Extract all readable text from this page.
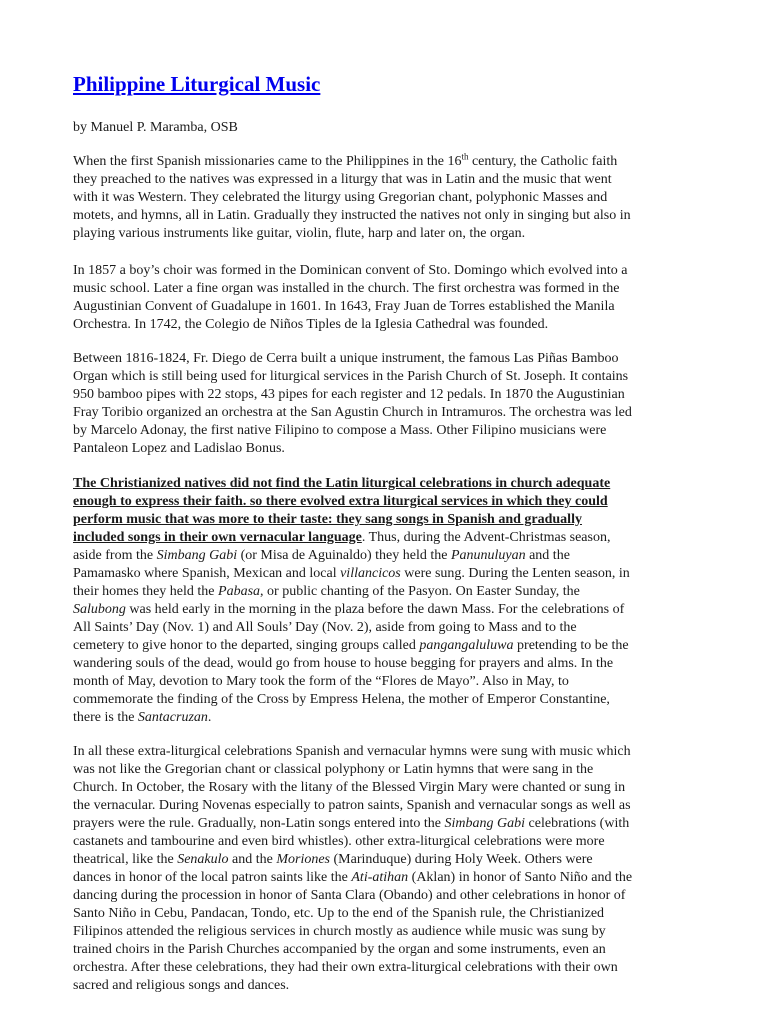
Philippine Liturgical Music

by Manuel P. Maramba, OSB

When the first Spanish missionaries came to the Philippines in the 16th century, the Catholic faith
they preached to the natives was expressed in a liturgy that was in Latin and the music that went
with it was Western. They celebrated the liturgy using Gregorian chant, polyphonic Masses and
motets, and hymns, all in Latin. Gradually they instructed the natives not only in singing but also in
playing various instruments like guitar, violin, flute, harp and later on, the organ.
In 1857 a boy’s choir was formed in the Dominican convent of Sto. Domingo which evolved into a
music school. Later a fine organ was installed in the church. The first orchestra was formed in the
Augustinian Convent of Guadalupe in 1601. In 1643, Fray Juan de Torres established the Manila
Orchestra. In 1742, the Colegio de Niños Tiples de la Iglesia Cathedral was founded.
Between 1816-1824, Fr. Diego de Cerra built a unique instrument, the famous Las Piñas Bamboo
Organ which is still being used for liturgical services in the Parish Church of St. Joseph. It contains
950 bamboo pipes with 22 stops, 43 pipes for each register and 12 pedals. In 1870 the Augustinian
Fray Toribio organized an orchestra at the San Agustin Church in Intramuros. The orchestra was led
by Marcelo Adonay, the first native Filipino to compose a Mass. Other Filipino musicians were
Pantaleon Lopez and Ladislao Bonus.
The Christianized natives did not find the Latin liturgical celebrations in church adequate
enough to express their faith. so there evolved extra liturgical services in which they could
perform music that was more to their taste: they sang songs in Spanish and gradually
included songs in their own vernacular language. Thus, during the Advent-Christmas season,
aside from the Simbang Gabi (or Misa de Aguinaldo) they held the Panunuluyan and the
Pamamasko where Spanish, Mexican and local villancicos were sung. During the Lenten season, in
their homes they held the Pabasa, or public chanting of the Pasyon. On Easter Sunday, the
Salubong was held early in the morning in the plaza before the dawn Mass. For the celebrations of
All Saints’ Day (Nov. 1) and All Souls’ Day (Nov. 2), aside from going to Mass and to the
cemetery to give honor to the departed, singing groups called pangangaluluwa pretending to be the
wandering souls of the dead, would go from house to house begging for prayers and alms. In the
month of May, devotion to Mary took the form of the “Flores de Mayo”. Also in May, to
commemorate the finding of the Cross by Empress Helena, the mother of Emperor Constantine,
there is the Santacruzan.
In all these extra-liturgical celebrations Spanish and vernacular hymns were sung with music which
was not like the Gregorian chant or classical polyphony or Latin hymns that were sang in the
Church. In October, the Rosary with the litany of the Blessed Virgin Mary were chanted or sung in
the vernacular. During Novenas especially to patron saints, Spanish and vernacular songs as well as
prayers were the rule. Gradually, non-Latin songs entered into the Simbang Gabi celebrations (with
castanets and tambourine and even bird whistles). other extra-liturgical celebrations were more
theatrical, like the Senakulo and the Moriones (Marinduque) during Holy Week. Others were
dances in honor of the local patron saints like the Ati-atihan (Aklan) in honor of Santo Niño and the
dancing during the procession in honor of Santa Clara (Obando) and other celebrations in honor of
Santo Niño in Cebu, Pandacan, Tondo, etc. Up to the end of the Spanish rule, the Christianized
Filipinos attended the religious services in church mostly as audience while music was sung by
trained choirs in the Parish Churches accompanied by the organ and some instruments, even an
orchestra. After these celebrations, they had their own extra-liturgical celebrations with their own
sacred and religious songs and dances.
